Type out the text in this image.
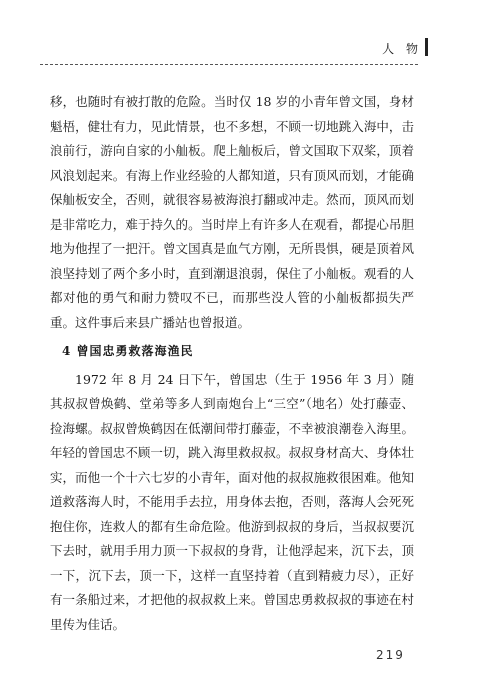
人 物

移，也随时有被打散的危险。当时仅 18 岁的小青年曾文国，身材魁梧，健壮有力，见此情景，也不多想，不顾一切地跳入海中，击浪前行，游向自家的小舢板。爬上舢板后，曾文国取下双桨，顶着风浪划起来。有海上作业经验的人都知道，只有顶风而划，才能确保舢板安全，否则，就很容易被海浪打翻或冲走。然而，顶风而划是非常吃力，难于持久的。当时岸上有许多人在观看，都提心吊胆地为他捏了一把汗。曾文国真是血气方刚，无所畏惧，硬是顶着风浪坚持划了两个多小时，直到潮退浪弱，保住了小舢板。观看的人都对他的勇气和耐力赞叹不已，而那些没人管的小舢板都损失严重。这件事后来县广播站也曾报道。

4 曾国忠勇救落海渔民

1972 年 8 月 24 日下午，曾国忠（生于 1956 年 3 月）随其叔叔曾焕鹤、堂弟等多人到南炮台上“三空”（地名）处打藤壶、捡海螺。叔叔曾焕鹤因在低潮间带打藤壶，不幸被浪潮卷入海里。年轻的曾国忠不顾一切，跳入海里救叔叔。叔叔身材高大、身体壮实，而他一个十六七岁的小青年，面对他的叔叔施救很困难。他知道救落海人时，不能用手去拉，用身体去抱，否则，落海人会死死抱住你，连救人的都有生命危险。他游到叔叔的身后，当叔叔要沉下去时，就用手用力顶一下叔叔的身背，让他浮起来，沉下去，顶一下，沉下去，顶一下，这样一直坚持着（直到精疲力尽），正好有一条船过来，才把他的叔叔救上来。曾国忠勇救叔叔的事迹在村里传为佳话。

219
